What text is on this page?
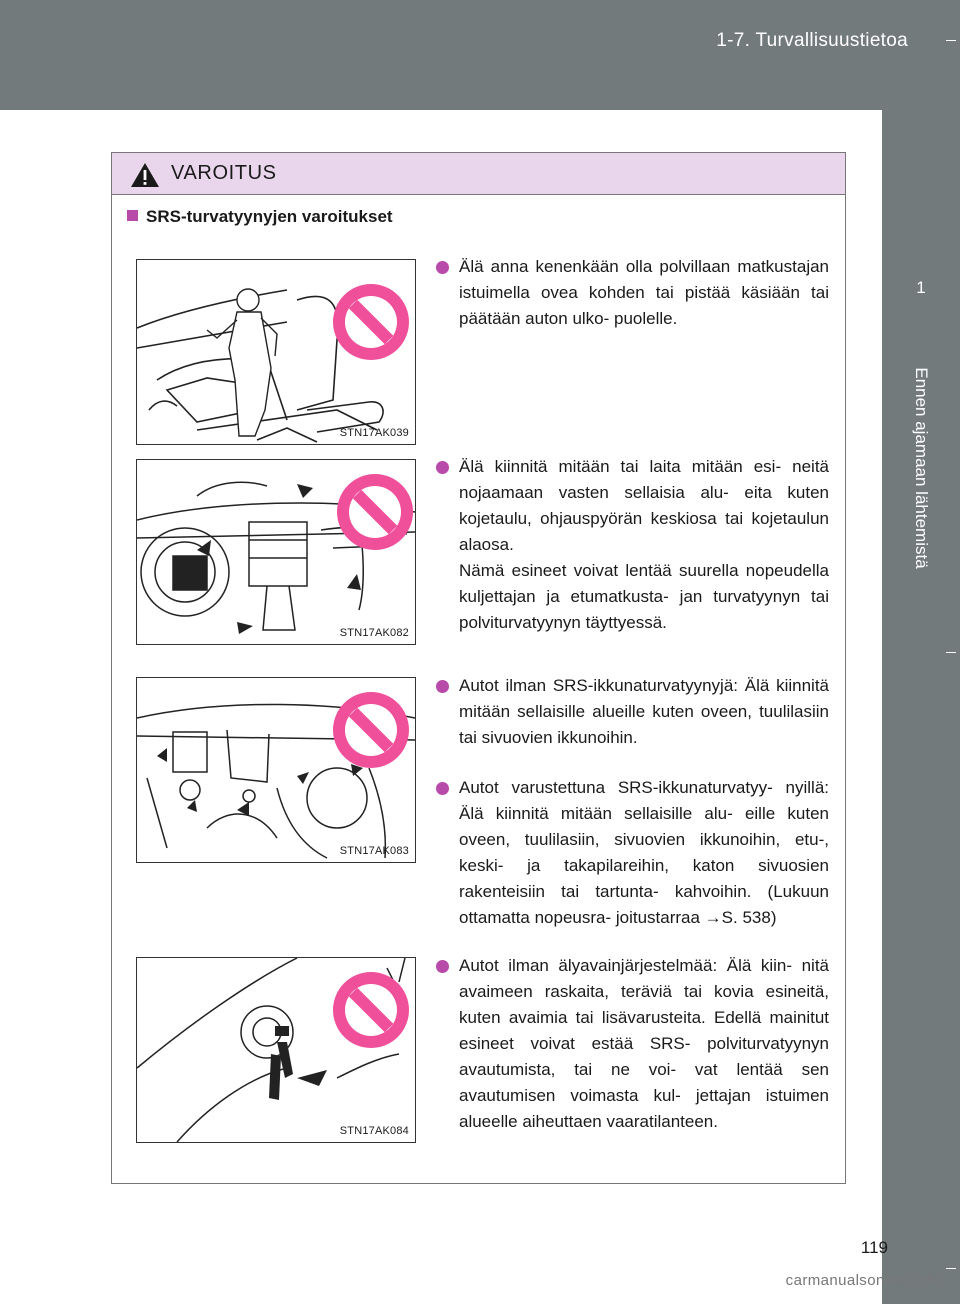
1-7. Turvallisuustietoa
1
Ennen ajamaan lähtemistä
VAROITUS
SRS-turvatyynyjen varoitukset
STN17AK039
STN17AK082
STN17AK083
STN17AK084
Älä anna kenenkään olla polvillaan matkustajan istuimella ovea kohden tai pistää käsiään tai päätään auton ulko- puolelle.
Älä kiinnitä mitään tai laita mitään esi- neitä nojaamaan vasten sellaisia alu- eita kuten kojetaulu, ohjauspyörän keskiosa tai kojetaulun alaosa.
Nämä esineet voivat lentää suurella nopeudella kuljettajan ja etumatkusta- jan turvatyynyn tai polviturvatyynyn täyttyessä.
Autot ilman SRS-ikkunaturvatyynyjä: Älä kiinnitä mitään sellaisille alueille kuten oveen, tuulilasiin tai sivuovien ikkunoihin.
Autot varustettuna SRS-ikkunaturvatyy- nyillä: Älä kiinnitä mitään sellaisille alu- eille kuten oveen, tuulilasiin, sivuovien ikkunoihin, etu-, keski- ja takapilareihin, katon sivuosien rakenteisiin tai tartunta- kahvoihin. (Lukuun ottamatta nopeusra- joitustarraa →S. 538)
Autot ilman älyavainjärjestelmää: Älä kiin- nitä avaimeen raskaita, teräviä tai kovia esineitä, kuten avaimia tai lisävarusteita. Edellä mainitut esineet voivat estää SRS- polviturvatyynyn avautumista, tai ne voi- vat lentää sen avautumisen voimasta kul- jettajan istuimen alueelle aiheuttaen vaaratilanteen.
119
carmanualsonline.info
